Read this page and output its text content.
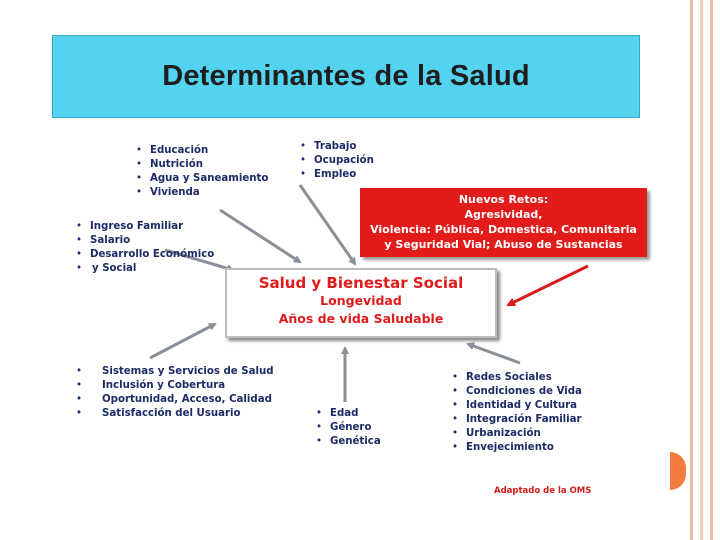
Determinantes de la Salud
• Educación
• Nutrición
• Agua y Saneamiento
• Vivienda
• Trabajo
• Ocupación
• Empleo
• Ingreso Familiar
• Salario
• Desarrollo Económico
• y Social
Nuevos Retos:
Agresividad,
Violencia: Pública, Domestica, Comunitaria
y Seguridad Vial; Abuso de Sustancias
Salud y Bienestar Social
Longevidad
Años de vida Saludable
• Sistemas y Servicios de Salud
• Inclusión y Cobertura
• Oportunidad, Acceso, Calidad
• Satisfacción del Usuario
•	Edad
• Género
• Genética
• Redes Sociales
• Condiciones de Vida
• Identidad y Cultura
• Integración Familiar
• Urbanización
• Envejecimiento
Adaptado de la OMS
